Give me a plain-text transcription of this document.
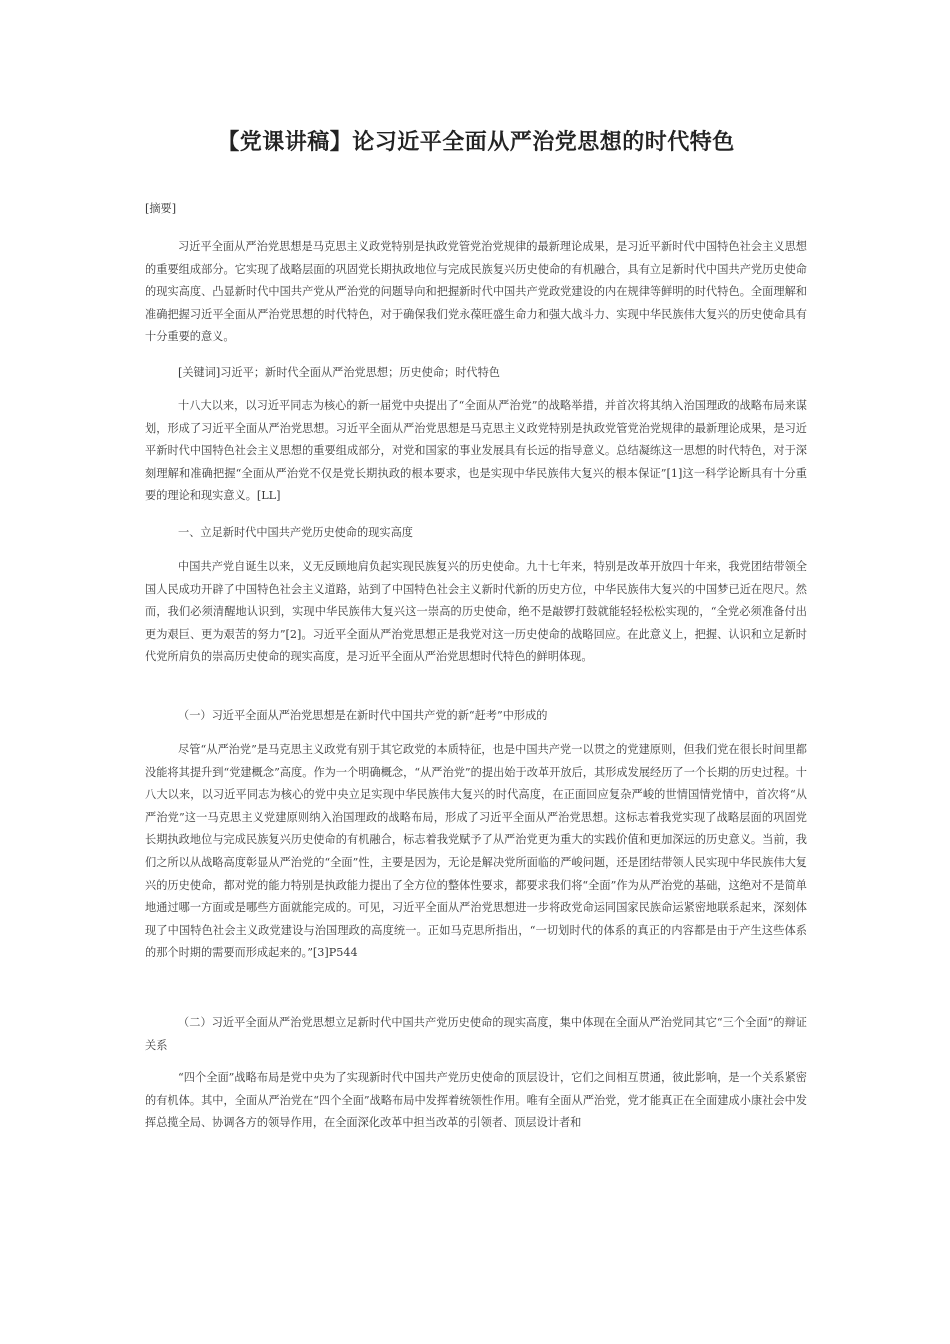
【党课讲稿】论习近平全面从严治党思想的时代特色

[摘要]

习近平全面从严治党思想是马克思主义政党特别是执政党管党治党规律的最新理论成果，是习近平新时代中国特色社会主义思想的重要组成部分。它实现了战略层面的巩固党长期执政地位与完成民族复兴历史使命的有机融合，具有立足新时代中国共产党历史使命的现实高度、凸显新时代中国共产党从严治党的问题导向和把握新时代中国共产党政党建设的内在规律等鲜明的时代特色。全面理解和准确把握习近平全面从严治党思想的时代特色，对于确保我们党永葆旺盛生命力和强大战斗力、实现中华民族伟大复兴的历史使命具有十分重要的意义。

[关键词]习近平；新时代全面从严治党思想；历史使命；时代特色

十八大以来，以习近平同志为核心的新一届党中央提出了“全面从严治党”的战略举措，并首次将其纳入治国理政的战略布局来谋划，形成了习近平全面从严治党思想。习近平全面从严治党思想是马克思主义政党特别是执政党管党治党规律的最新理论成果，是习近平新时代中国特色社会主义思想的重要组成部分，对党和国家的事业发展具有长远的指导意义。总结凝练这一思想的时代特色，对于深刻理解和准确把握“全面从严治党不仅是党长期执政的根本要求，也是实现中华民族伟大复兴的根本保证”[1]这一科学论断具有十分重要的理论和现实意义。[LL]

一、立足新时代中国共产党历史使命的现实高度

中国共产党自诞生以来，义无反顾地肩负起实现民族复兴的历史使命。九十七年来，特别是改革开放四十年来，我党团结带领全国人民成功开辟了中国特色社会主义道路，站到了中国特色社会主义新时代新的历史方位，中华民族伟大复兴的中国梦已近在咫尺。然而，我们必须清醒地认识到，实现中华民族伟大复兴这一崇高的历史使命，绝不是敲锣打鼓就能轻轻松松实现的，“全党必须准备付出更为艰巨、更为艰苦的努力”[2]。习近平全面从严治党思想正是我党对这一历史使命的战略回应。在此意义上，把握、认识和立足新时代党所肩负的崇高历史使命的现实高度，是习近平全面从严治党思想时代特色的鲜明体现。

（一）习近平全面从严治党思想是在新时代中国共产党的新“赶考”中形成的

尽管“从严治党”是马克思主义政党有别于其它政党的本质特征，也是中国共产党一以贯之的党建原则，但我们党在很长时间里都没能将其提升到“党建概念”高度。作为一个明确概念，“从严治党”的提出始于改革开放后，其形成发展经历了一个长期的历史过程。十八大以来，以习近平同志为核心的党中央立足实现中华民族伟大复兴的时代高度，在正面回应复杂严峻的世情国情党情中，首次将“从严治党”这一马克思主义党建原则纳入治国理政的战略布局，形成了习近平全面从严治党思想。这标志着我党实现了战略层面的巩固党长期执政地位与完成民族复兴历史使命的有机融合，标志着我党赋予了从严治党更为重大的实践价值和更加深远的历史意义。当前，我们之所以从战略高度彰显从严治党的“全面”性，主要是因为，无论是解决党所面临的严峻问题，还是团结带领人民实现中华民族伟大复兴的历史使命，都对党的能力特别是执政能力提出了全方位的整体性要求，都要求我们将“全面”作为从严治党的基础，这绝对不是简单地通过哪一方面或是哪些方面就能完成的。可见，习近平全面从严治党思想进一步将政党命运同国家民族命运紧密地联系起来，深刻体现了中国特色社会主义政党建设与治国理政的高度统一。正如马克思所指出，“一切划时代的体系的真正的内容都是由于产生这些体系的那个时期的需要而形成起来的。”[3]P544

（二）习近平全面从严治党思想立足新时代中国共产党历史使命的现实高度，集中体现在全面从严治党同其它“三个全面”的辩证关系

“四个全面”战略布局是党中央为了实现新时代中国共产党历史使命的顶层设计，它们之间相互贯通，彼此影响，是一个关系紧密的有机体。其中，全面从严治党在“四个全面”战略布局中发挥着统领性作用。唯有全面从严治党，党才能真正在全面建成小康社会中发挥总揽全局、协调各方的领导作用，在全面深化改革中担当改革的引领者、顶层设计者和
